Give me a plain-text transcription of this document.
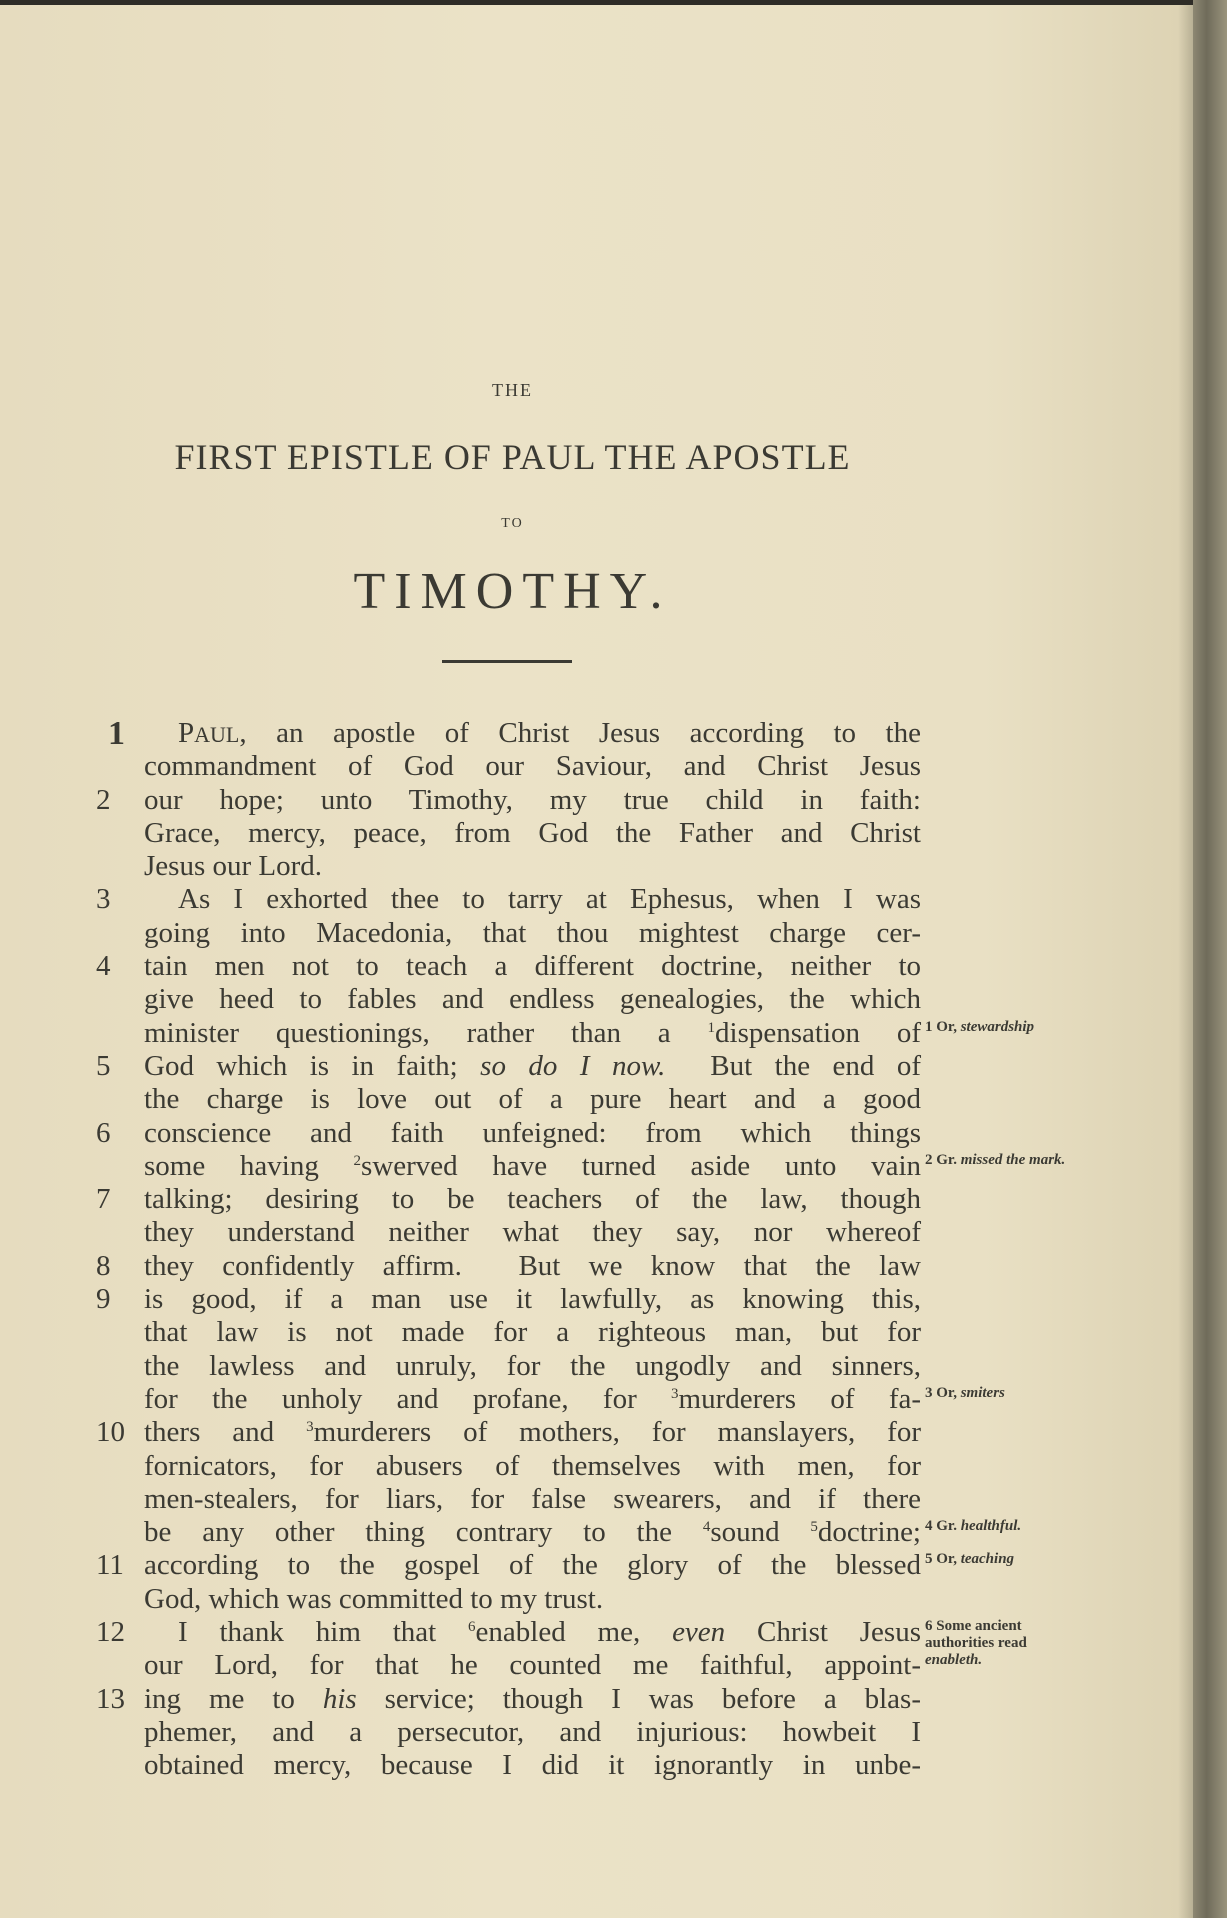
THE
FIRST EPISTLE OF PAUL THE APOSTLE
TO
TIMOTHY.
1	PAUL, an apostle of Christ Jesus according to the
commandment of God our Saviour, and Christ Jesus
2	our hope; unto Timothy, my true child in faith:
Grace, mercy, peace, from God the Father and Christ
Jesus our Lord.
3	As I exhorted thee to tarry at Ephesus, when I was
going into Macedonia, that thou mightest charge cer-
4	tain men not to teach a different doctrine, neither to
give heed to fables and endless genealogies, the which
minister questionings, rather than a $^1$dispensation of 1 Or, stewardship
5	God which is in faith; so do I now.  But the end of
the charge is love out of a pure heart and a good
6	conscience and faith unfeigned: from which things
some having $^2$swerved have turned aside unto vain 2 Gr. missed the mark.
7	talking; desiring to be teachers of the law, though
they understand neither what they say, nor whereof
8	they confidently affirm.  But we know that the law
9	is good, if a man use it lawfully, as knowing this,
that law is not made for a righteous man, but for
the lawless and unruly, for the ungodly and sinners,
for the unholy and profane, for $^3$murderers of fa- 3 Or, smiters
10 thers and $^3$murderers of mothers, for manslayers, for
fornicators, for abusers of themselves with men, for
men-stealers, for liars, for false swearers, and if there
be any other thing contrary to the $^4$sound $^5$doctrine; 4 Gr. healthful.
11 according to the gospel of the glory of the blessed 5 Or, teaching
God, which was committed to my trust.
12	I thank him that $^6$enabled me, even Christ Jesus 6 Some ancient authorities read enableth.
our Lord, for that he counted me faithful, appoint-
13 ing me to his service; though I was before a blas-
phemer, and a persecutor, and injurious: howbeit I
obtained mercy, because I did it ignorantly in unbe-
